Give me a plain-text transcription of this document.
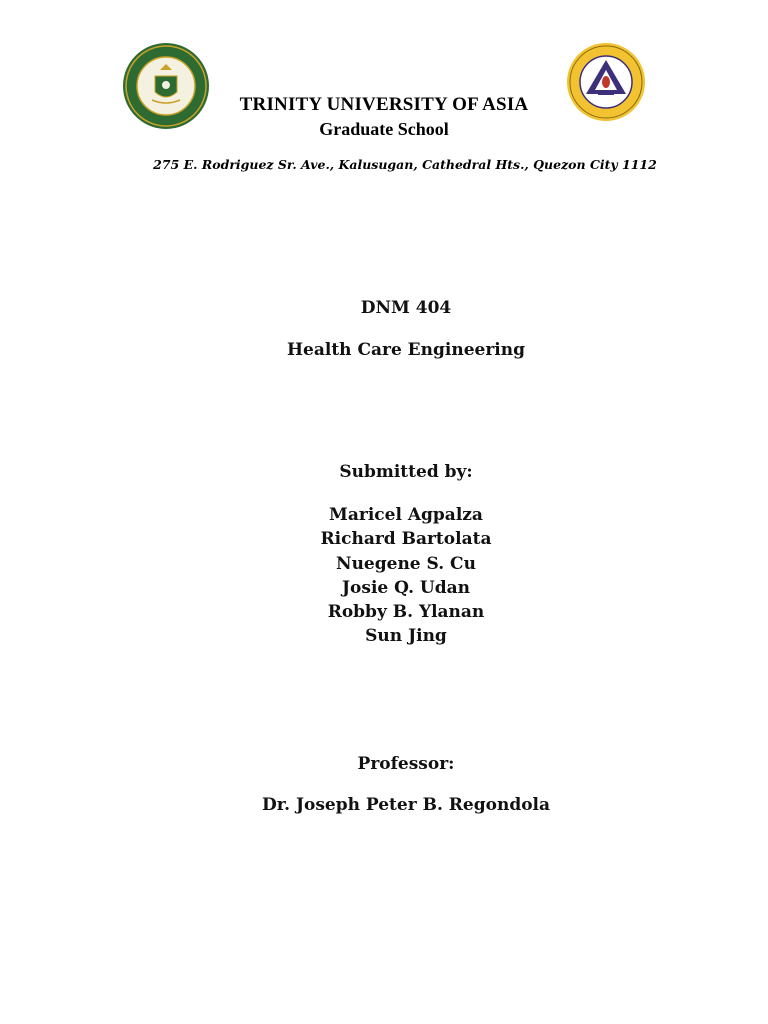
TRINITY UNIVERSITY OF ASIA
Graduate School
275 E. Rodriguez Sr. Ave., Kalusugan, Cathedral Hts., Quezon City 1112
DNM 404
Health Care Engineering
Submitted by:
Maricel Agpalza
Richard Bartolata
Nuegene S. Cu
Josie Q. Udan
Robby B. Ylanan
Sun Jing
Professor:
Dr. Joseph Peter B. Regondola
